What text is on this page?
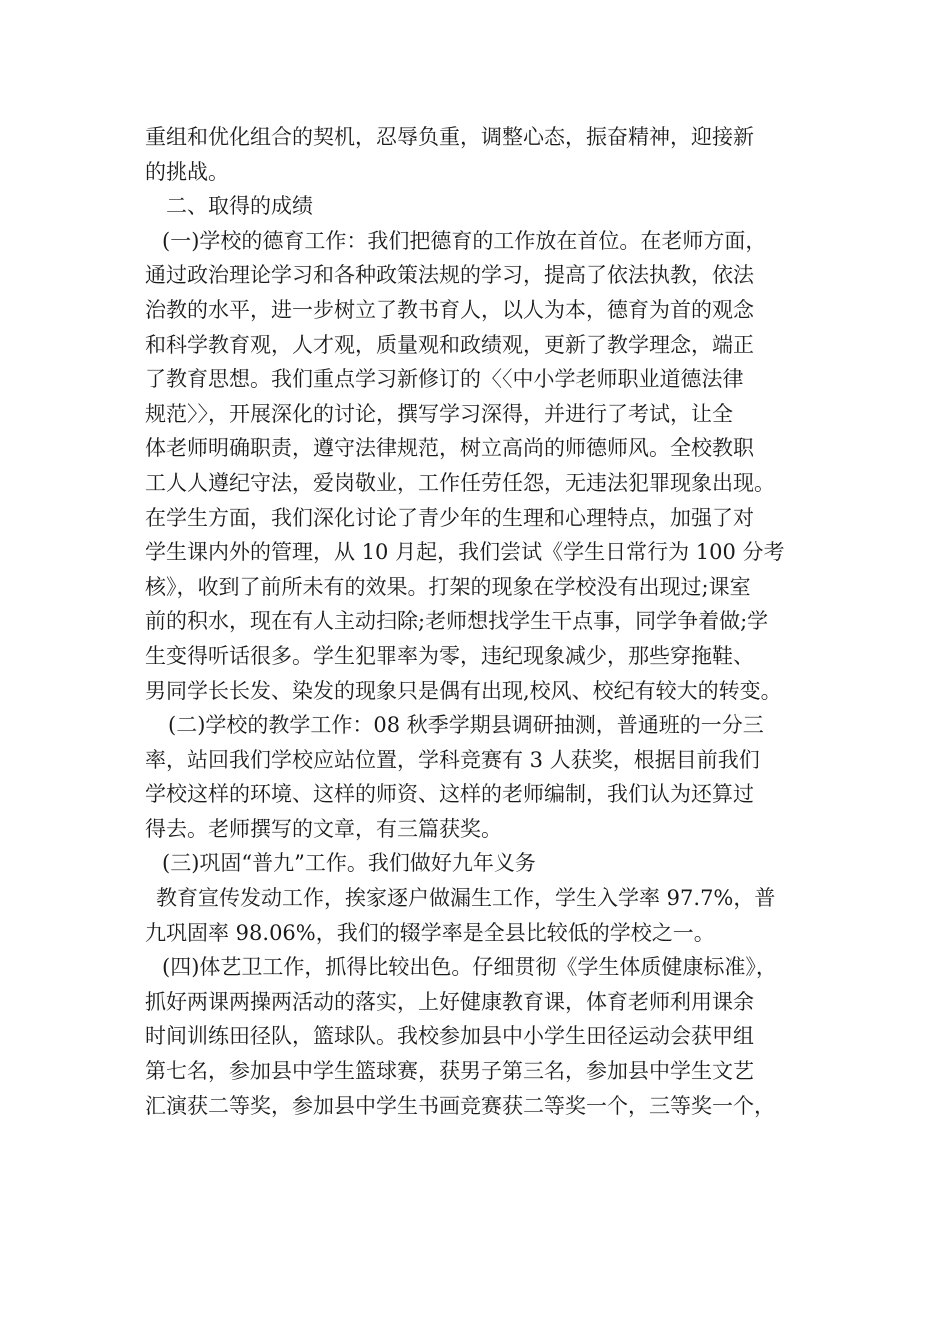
重组和优化组合的契机，忍辱负重，调整心态，振奋精神，迎接新
的挑战。
二、取得的成绩
(一)学校的德育工作：我们把德育的工作放在首位。在老师方面，
通过政治理论学习和各种政策法规的学习，提高了依法执教，依法
治教的水平，进一步树立了教书育人，以人为本，德育为首的观念
和科学教育观，人才观，质量观和政绩观，更新了教学理念，端正
了教育思想。我们重点学习新修订的〈〈中小学老师职业道德法律
规范〉〉，开展深化的讨论，撰写学习深得，并进行了考试，让全
体老师明确职责，遵守法律规范，树立高尚的师德师风。全校教职
工人人遵纪守法，爱岗敬业，工作任劳任怨，无违法犯罪现象出现。
在学生方面，我们深化讨论了青少年的生理和心理特点，加强了对
学生课内外的管理，从 10 月起，我们尝试《学生日常行为 100 分考
核》，收到了前所未有的效果。打架的现象在学校没有出现过;课室
前的积水，现在有人主动扫除;老师想找学生干点事，同学争着做;学
生变得听话很多。学生犯罪率为零，违纪现象减少，那些穿拖鞋、
男同学长长发、染发的现象只是偶有出现,校风、校纪有较大的转变。
(二)学校的教学工作：08 秋季学期县调研抽测，普通班的一分三
率，站回我们学校应站位置，学科竞赛有 3 人获奖，根据目前我们
学校这样的环境、这样的师资、这样的老师编制，我们认为还算过
得去。老师撰写的文章，有三篇获奖。
(三)巩固“普九”工作。我们做好九年义务
教育宣传发动工作，挨家逐户做漏生工作，学生入学率 97.7%，普
九巩固率 98.06%，我们的辍学率是全县比较低的学校之一。
(四)体艺卫工作，抓得比较出色。仔细贯彻《学生体质健康标准》，
抓好两课两操两活动的落实，上好健康教育课，体育老师利用课余
时间训练田径队，篮球队。我校参加县中小学生田径运动会获甲组
第七名，参加县中学生篮球赛，获男子第三名，参加县中学生文艺
汇演获二等奖，参加县中学生书画竞赛获二等奖一个，三等奖一个，
